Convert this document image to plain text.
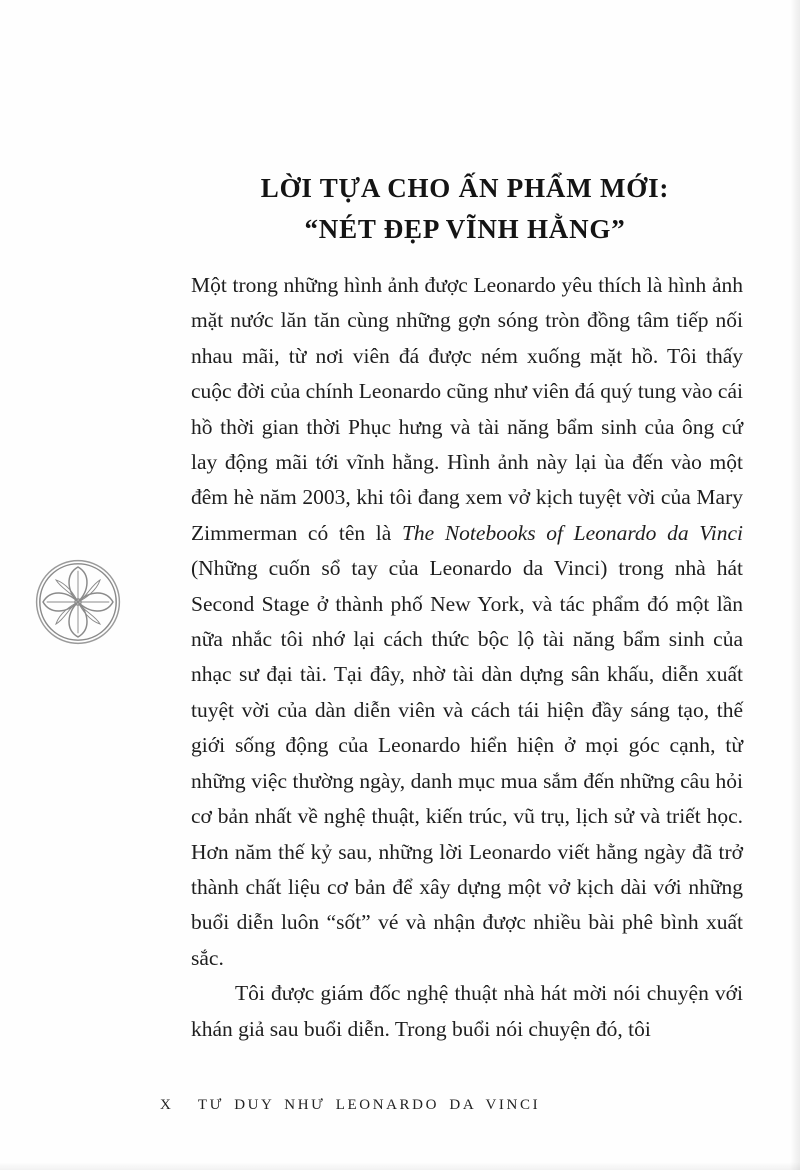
LỜI TỰA CHO ẤN PHẨM MỚI:
“NÉT ĐẸP VĨNH HẰNG”

Một trong những hình ảnh được Leonardo yêu thích là hình ảnh mặt nước lăn tăn cùng những gợn sóng tròn đồng tâm tiếp nối nhau mãi, từ nơi viên đá được ném xuống mặt hồ. Tôi thấy cuộc đời của chính Leonardo cũng như viên đá quý tung vào cái hồ thời gian thời Phục hưng và tài năng bẩm sinh của ông cứ lay động mãi tới vĩnh hằng. Hình ảnh này lại ùa đến vào một đêm hè năm 2003, khi tôi đang xem vở kịch tuyệt vời của Mary Zimmerman có tên là The Notebooks of Leonardo da Vinci (Những cuốn sổ tay của Leonardo da Vinci) trong nhà hát Second Stage ở thành phố New York, và tác phẩm đó một lần nữa nhắc tôi nhớ lại cách thức bộc lộ tài năng bẩm sinh của nhạc sư đại tài. Tại đây, nhờ tài dàn dựng sân khấu, diễn xuất tuyệt vời của dàn diễn viên và cách tái hiện đầy sáng tạo, thế giới sống động của Leonardo hiển hiện ở mọi góc cạnh, từ những việc thường ngày, danh mục mua sắm đến những câu hỏi cơ bản nhất về nghệ thuật, kiến trúc, vũ trụ, lịch sử và triết học. Hơn năm thế kỷ sau, những lời Leonardo viết hằng ngày đã trở thành chất liệu cơ bản để xây dựng một vở kịch dài với những buổi diễn luôn “sốt” vé và nhận được nhiều bài phê bình xuất sắc.

Tôi được giám đốc nghệ thuật nhà hát mời nói chuyện với khán giả sau buổi diễn. Trong buổi nói chuyện đó, tôi

X TƯ DUY NHƯ LEONARDO DA VINCI
